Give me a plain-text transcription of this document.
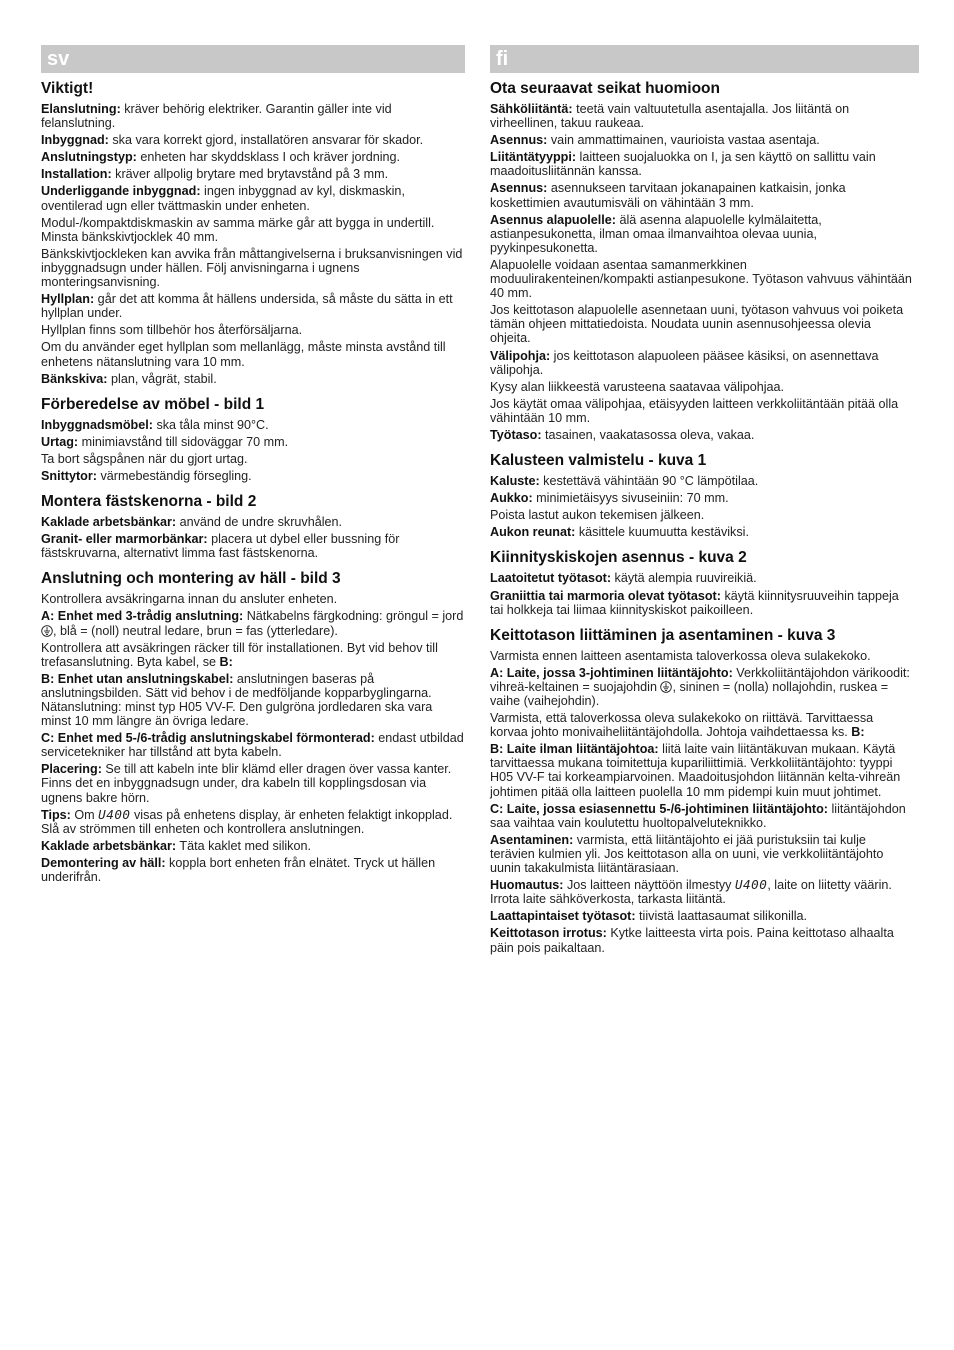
sv
Viktigt!

Elanslutning: kräver behörig elektriker. Garantin gäller inte vid felanslutning.

Inbyggnad: ska vara korrekt gjord, installatören ansvarar för skador.

Anslutningstyp: enheten har skyddsklass I och kräver jordning.

Installation: kräver allpolig brytare med brytavstånd på 3 mm.

Underliggande inbyggnad: ingen inbyggnad av kyl, diskmaskin, oventilerad ugn eller tvättmaskin under enheten.

Modul-/kompaktdiskmaskin av samma märke går att bygga in undertill. Minsta bänkskivtjocklek 40 mm.

Bänkskivtjockleken kan avvika från måttangivelserna i bruksanvisningen vid inbyggnadsugn under hällen. Följ anvisningarna i ugnens monteringsanvisning.

Hyllplan: går det att komma åt hällens undersida, så måste du sätta in ett hyllplan under.

Hyllplan finns som tillbehör hos återförsäljarna.

Om du använder eget hyllplan som mellanlägg, måste minsta avstånd till enhetens nätanslutning vara 10 mm.

Bänkskiva: plan, vågrät, stabil.

Förberedelse av möbel - bild 1

Inbyggnadsmöbel: ska tåla minst 90°C.

Urtag: minimiavstånd till sidoväggar 70 mm.

Ta bort sågspånen när du gjort urtag.

Snittytor: värmebeständig försegling.

Montera fästskenorna - bild 2

Kaklade arbetsbänkar: använd de undre skruvhålen.

Granit- eller marmorbänkar: placera ut dybel eller bussning för fästskruvarna, alternativt limma fast fästskenorna.

Anslutning och montering av häll - bild 3

Kontrollera avsäkringarna innan du ansluter enheten.

A: Enhet med 3-trådig anslutning: Nätkabelns färgkodning: gröngul = jord , blå = (noll) neutral ledare, brun = fas (ytterledare).

Kontrollera att avsäkringen räcker till för installationen. Byt vid behov till trefasanslutning. Byta kabel, se B:

B: Enhet utan anslutningskabel: anslutningen baseras på anslutningsbilden. Sätt vid behov i de medföljande kopparbyglingarna. Nätanslutning: minst typ H05 VV-F. Den gulgröna jordledaren ska vara minst 10 mm längre än övriga ledare.

C: Enhet med 5-/6-trådig anslutningskabel förmonterad: endast utbildad servicetekniker har tillstånd att byta kabeln.

Placering: Se till att kabeln inte blir klämd eller dragen över vassa kanter. Finns det en inbyggnadsugn under, dra kabeln till kopplingsdosan via ugnens bakre hörn.

Tips: Om U400 visas på enhetens display, är enheten felaktigt inkopplad. Slå av strömmen till enheten och kontrollera anslutningen.

Kaklade arbetsbänkar: Täta kaklet med silikon.

Demontering av häll: koppla bort enheten från elnätet. Tryck ut hällen underifrån.

fi
Ota seuraavat seikat huomioon

Sähköliitäntä: teetä vain valtuutetulla asentajalla. Jos liitäntä on virheellinen, takuu raukeaa.

Asennus: vain ammattimainen, vaurioista vastaa asentaja.

Liitäntätyyppi: laitteen suojaluokka on I, ja sen käyttö on sallittu vain maadoitusliitännän kanssa.

Asennus: asennukseen tarvitaan jokanapainen katkaisin, jonka koskettimien avautumisväli on vähintään 3 mm.

Asennus alapuolelle: älä asenna alapuolelle kylmälaitetta, astianpesukonetta, ilman omaa ilmanvaihtoa olevaa uunia, pyykinpesukonetta.

Alapuolelle voidaan asentaa samanmerkkinen moduulirakenteinen/kompakti astianpesukone. Työtason vahvuus vähintään 40 mm.

Jos keittotason alapuolelle asennetaan uuni, työtason vahvuus voi poiketa tämän ohjeen mittatiedoista. Noudata uunin asennusohjeessa olevia ohjeita.

Välipohja: jos keittotason alapuoleen pääsee käsiksi, on asennettava välipohja.

Kysy alan liikkeestä varusteena saatavaa välipohjaa.

Jos käytät omaa välipohjaa, etäisyyden laitteen verkkoliitäntään pitää olla vähintään 10 mm.

Työtaso: tasainen, vaakatasossa oleva, vakaa.

Kalusteen valmistelu - kuva 1

Kaluste: kestettävä vähintään 90 °C lämpötilaa.

Aukko: minimietäisyys sivuseiniin: 70 mm.

Poista lastut aukon tekemisen jälkeen.

Aukon reunat: käsittele kuumuutta kestäviksi.

Kiinnityskiskojen asennus - kuva 2

Laatoitetut työtasot: käytä alempia ruuvireikiä.

Graniittia tai marmoria olevat työtasot: käytä kiinnitysruuveihin tappeja tai holkkeja tai liimaa kiinnityskiskot paikoilleen.

Keittotason liittäminen ja asentaminen - kuva 3

Varmista ennen laitteen asentamista taloverkossa oleva sulakekoko.

A: Laite, jossa 3-johtiminen liitäntäjohto: Verkkoliitäntäjohdon värikoodit: vihreä-keltainen = suojajohdin , sininen = (nolla) nollajohdin, ruskea = vaihe (vaihejohdin).

Varmista, että taloverkossa oleva sulakekoko on riittävä. Tarvittaessa korvaa johto monivaiheliitäntäjohdolla. Johtoja vaihdettaessa ks. B:

B: Laite ilman liitäntäjohtoa: liitä laite vain liitäntäkuvan mukaan. Käytä tarvittaessa mukana toimitettuja kupariliittimiä. Verkkoliitäntäjohto: tyyppi H05 VV-F tai korkeampiarvoinen. Maadoitusjohdon liitännän kelta-vihreän johtimen pitää olla laitteen puolella 10 mm pidempi kuin muut johtimet.

C: Laite, jossa esiasennettu 5-/6-johtiminen liitäntäjohto: liitäntäjohdon saa vaihtaa vain koulutettu huoltopalveluteknikko.

Asentaminen: varmista, että liitäntäjohto ei jää puristuksiin tai kulje terävien kulmien yli. Jos keittotason alla on uuni, vie verkkoliitäntäjohto uunin takakulmista liitäntärasiaan.

Huomautus: Jos laitteen näyttöön ilmestyy U400, laite on liitetty väärin. Irrota laite sähköverkosta, tarkasta liitäntä.

Laattapintaiset työtasot: tiivistä laattasaumat silikonilla.

Keittotason irrotus: Kytke laitteesta virta pois. Paina keittotaso alhaalta päin pois paikaltaan.
